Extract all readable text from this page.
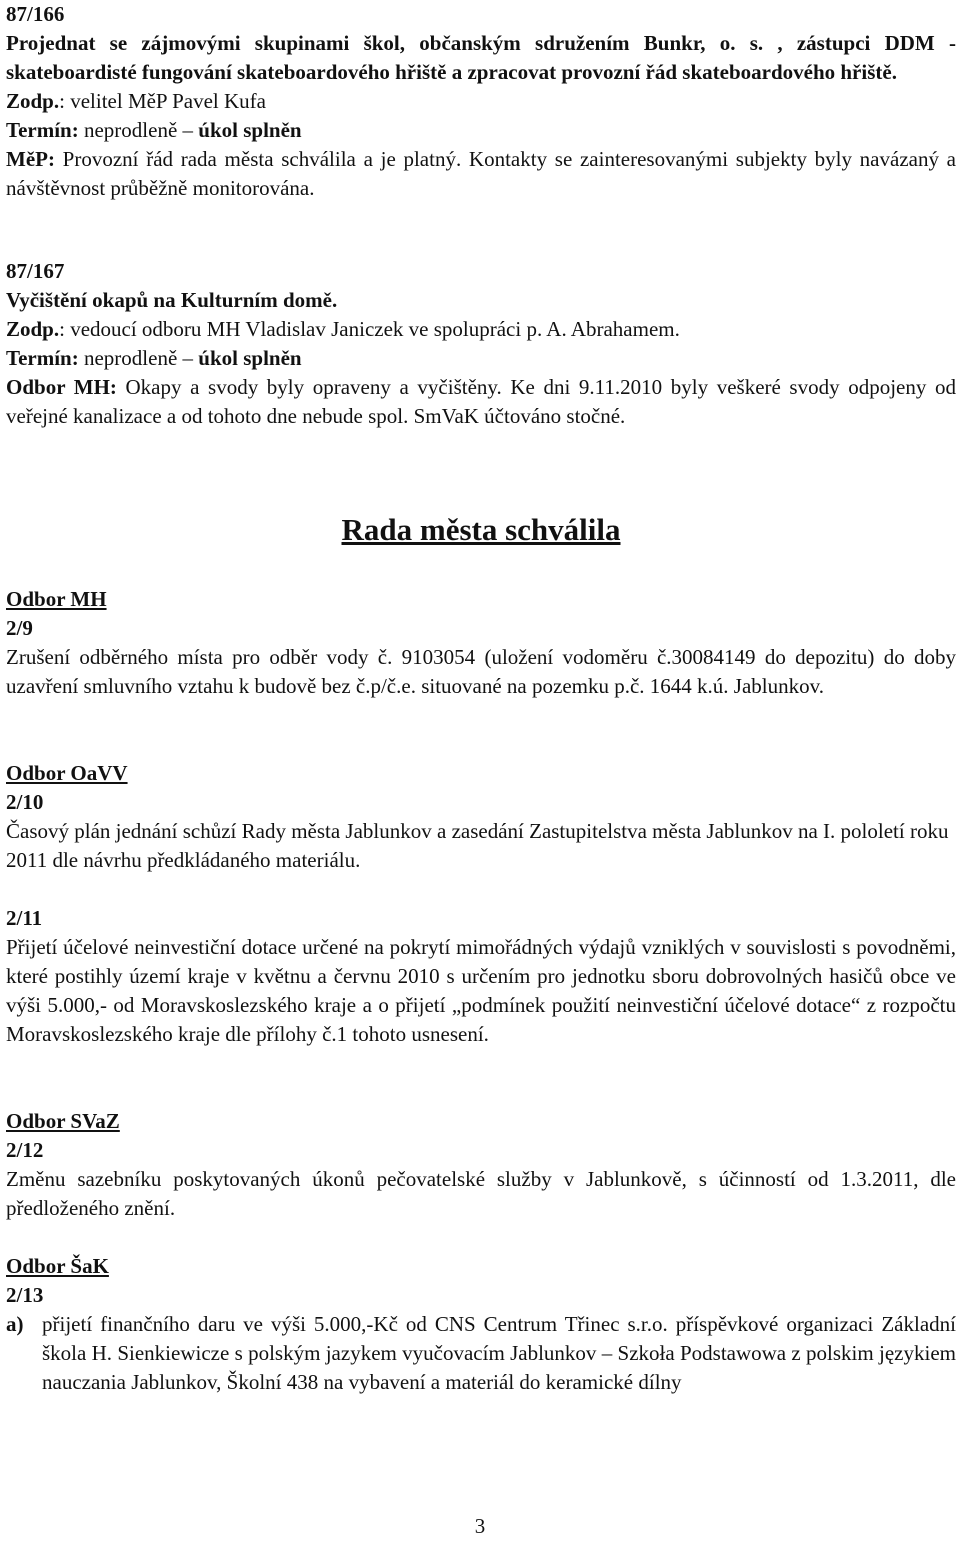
87/166

Projednat se zájmovými skupinami škol, občanským sdružením Bunkr, o. s. , zástupci DDM - skateboardisté fungování skateboardového hřiště a zpracovat provozní řád skateboardového hřiště.

Zodp.: velitel MěP Pavel Kufa

Termín: neprodleně – úkol splněn

MěP: Provozní řád rada města schválila a je platný. Kontakty se zainteresovanými subjekty byly navázaný a návštěvnost průběžně monitorována.

87/167

Vyčištění okapů na Kulturním domě.

Zodp.: vedoucí odboru MH Vladislav Janiczek ve spolupráci p. A. Abrahamem.

Termín: neprodleně – úkol splněn

Odbor MH: Okapy a svody byly opraveny a vyčištěny. Ke dni 9.11.2010 byly veškeré svody odpojeny od veřejné kanalizace a od tohoto dne nebude spol. SmVaK účtováno stočné.

Rada města schválila

Odbor MH

2/9

Zrušení odběrného místa pro odběr vody č. 9103054 (uložení vodoměru č.30084149 do depozitu) do doby uzavření smluvního vztahu k budově bez č.p/č.e. situované na pozemku p.č. 1644 k.ú. Jablunkov.

Odbor OaVV

2/10

Časový plán jednání schůzí Rady města Jablunkov a zasedání Zastupitelstva města Jablunkov na I. pololetí roku 2011 dle návrhu předkládaného materiálu.

2/11

Přijetí účelové neinvestiční dotace určené na pokrytí mimořádných výdajů vzniklých v souvislosti s povodněmi, které postihly území kraje v květnu a červnu 2010 s určením pro jednotku sboru dobrovolných hasičů obce ve výši 5.000,- od Moravskoslezského kraje a o přijetí „podmínek použití neinvestiční účelové dotace“ z rozpočtu Moravskoslezského kraje dle přílohy č.1 tohoto usnesení.

Odbor SVaZ

2/12

Změnu sazebníku poskytovaných úkonů pečovatelské služby v Jablunkově, s účinností od 1.3.2011, dle předloženého znění.

Odbor ŠaK

2/13

a) přijetí finančního daru ve výši 5.000,-Kč od CNS Centrum Třinec s.r.o. příspěvkové organizaci Základní škola H. Sienkiewicze s polským jazykem vyučovacím Jablunkov – Szkoła Podstawowa z polskim językiem nauczania Jablunkov, Školní 438 na vybavení a materiál do keramické dílny
3
